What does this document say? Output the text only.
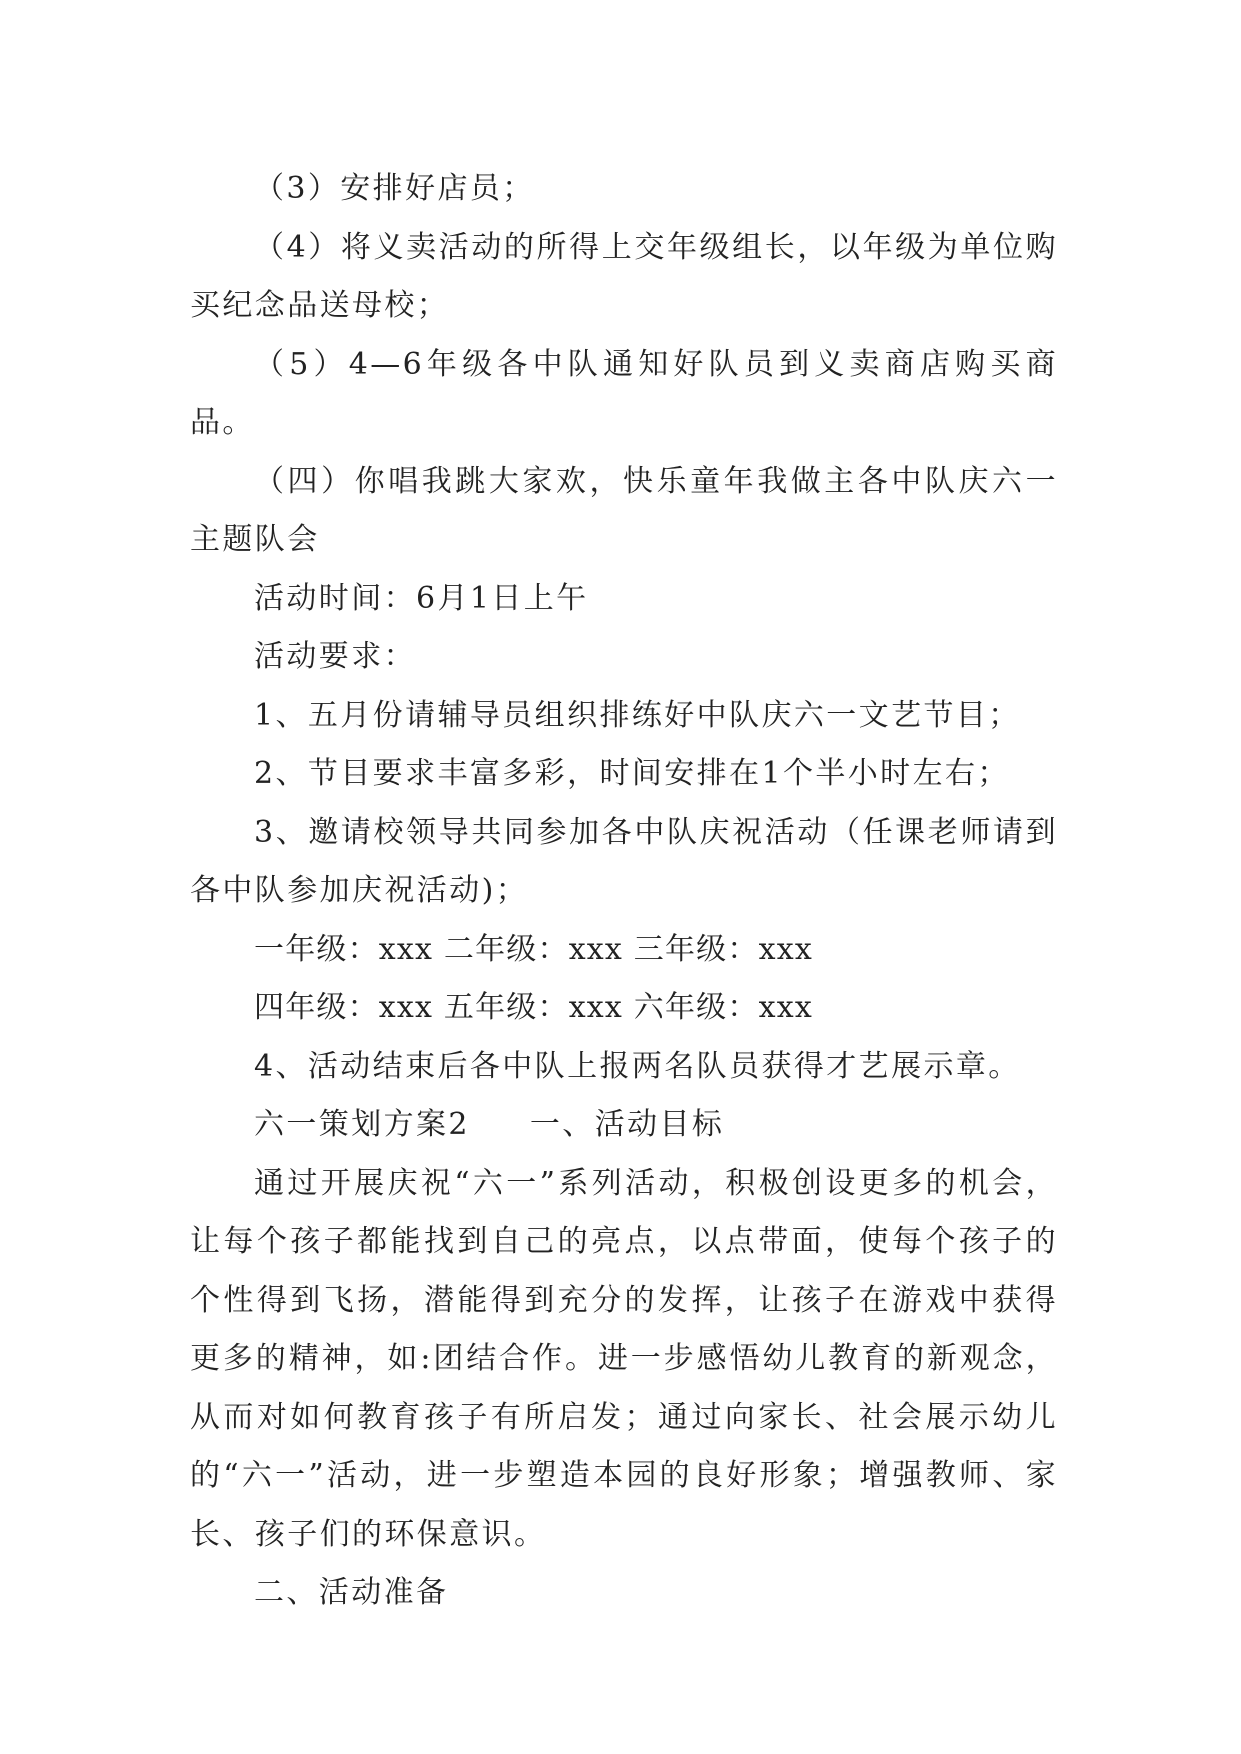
（3）安排好店员；

（4）将义卖活动的所得上交年级组长，以年级为单位购买纪念品送母校；

（5）4—6年级各中队通知好队员到义卖商店购买商品。

（四）你唱我跳大家欢，快乐童年我做主各中队庆六一主题队会

活动时间：6月1日上午

活动要求：

1、五月份请辅导员组织排练好中队庆六一文艺节目；

2、节目要求丰富多彩，时间安排在1个半小时左右；

3、邀请校领导共同参加各中队庆祝活动（任课老师请到各中队参加庆祝活动)；

一年级：xxx 二年级：xxx 三年级：xxx

四年级：xxx 五年级：xxx 六年级：xxx

4、活动结束后各中队上报两名队员获得才艺展示章。

六一策划方案2 一、活动目标

通过开展庆祝“六一”系列活动，积极创设更多的机会，让每个孩子都能找到自己的亮点，以点带面，使每个孩子的个性得到飞扬，潜能得到充分的发挥，让孩子在游戏中获得更多的精神，如:团结合作。进一步感悟幼儿教育的新观念，从而对如何教育孩子有所启发；通过向家长、社会展示幼儿的“六一”活动，进一步塑造本园的良好形象；增强教师、家长、孩子们的环保意识。

二、活动准备
